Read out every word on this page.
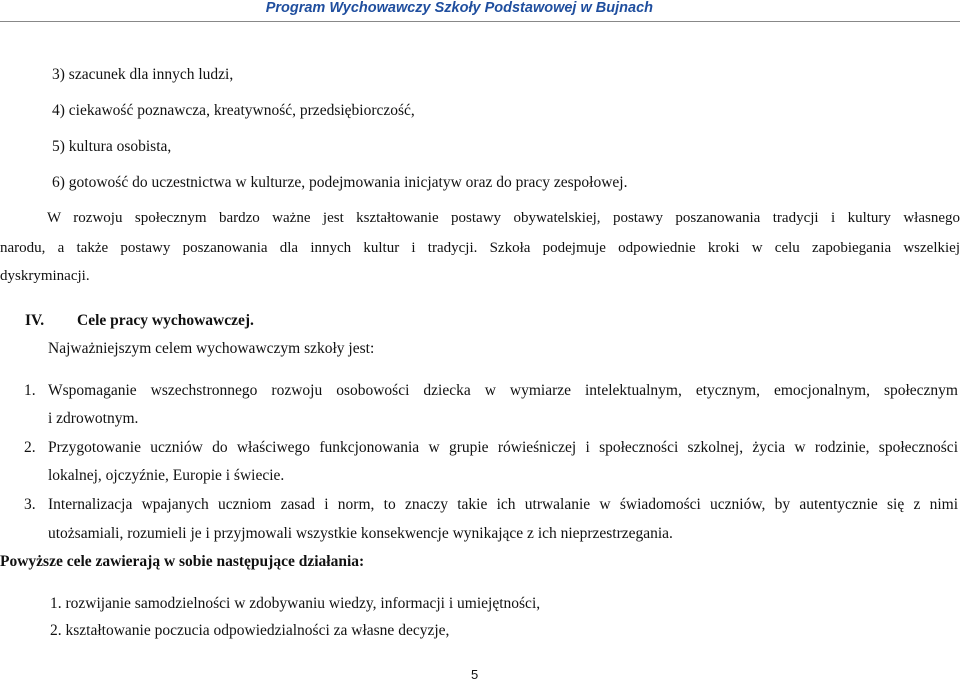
Program Wychowawczy Szkoły Podstawowej w Bujnach
3) szacunek dla innych ludzi,
4) ciekawość poznawcza, kreatywność, przedsiębiorczość,
5) kultura osobista,
6) gotowość do uczestnictwa w kulturze, podejmowania inicjatyw oraz do pracy zespołowej.
W rozwoju społecznym bardzo ważne jest kształtowanie postawy obywatelskiej, postawy poszanowania tradycji i kultury własnego
narodu, a także postawy poszanowania dla innych kultur i tradycji. Szkoła podejmuje odpowiednie kroki w celu zapobiegania wszelkiej
dyskryminacji.
IV. Cele pracy wychowawczej.
Najważniejszym celem wychowawczym szkoły jest:
1. Wspomaganie wszechstronnego rozwoju osobowości dziecka w wymiarze intelektualnym, etycznym, emocjonalnym, społecznym
i zdrowotnym.
2. Przygotowanie uczniów do właściwego funkcjonowania w grupie rówieśniczej i społeczności szkolnej, życia w rodzinie, społeczności
lokalnej, ojczyźnie, Europie i świecie.
3. Internalizacja wpajanych uczniom zasad i norm, to znaczy takie ich utrwalanie w świadomości uczniów, by autentycznie się z nimi
utożsamiali, rozumieli je i przyjmowali wszystkie konsekwencje wynikające z ich nieprzestrzegania.
Powyższe cele zawierają w sobie następujące działania:
1. rozwijanie samodzielności w zdobywaniu wiedzy, informacji i umiejętności,
2. kształtowanie poczucia odpowiedzialności za własne decyzje,
5
